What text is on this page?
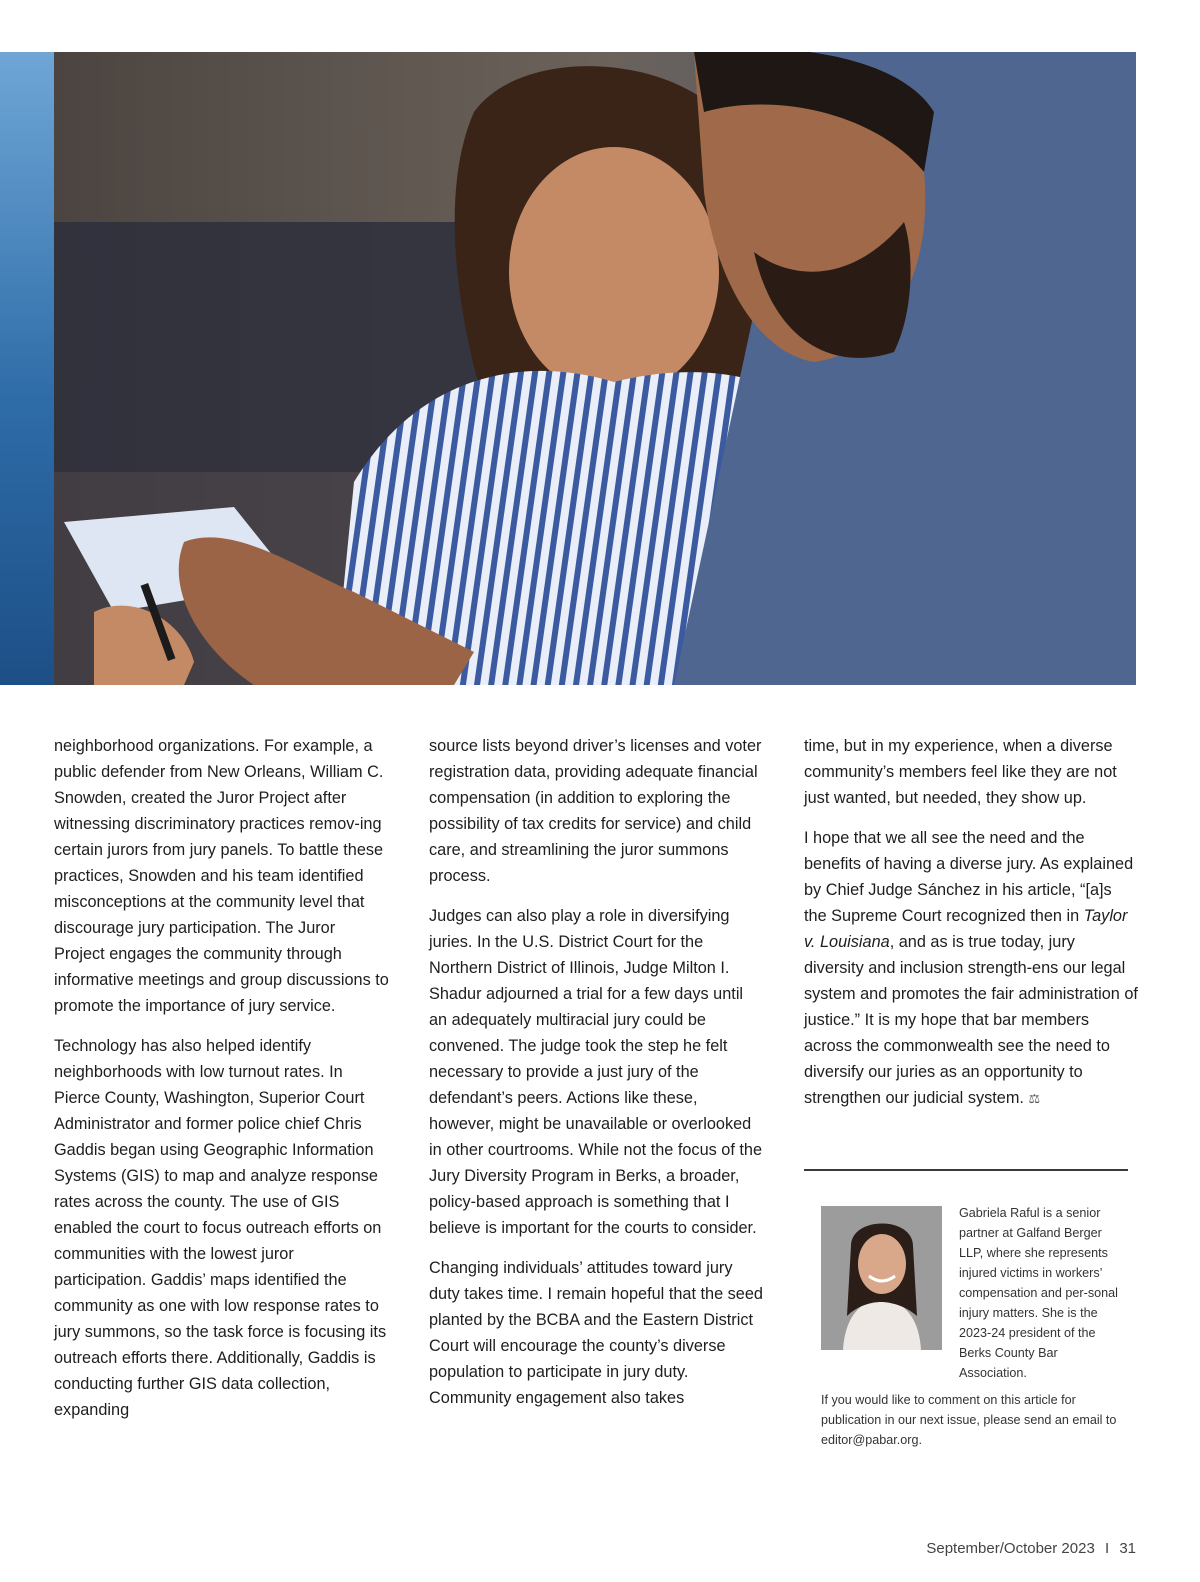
neighborhood organizations. For example, a public defender from New Orleans, William C. Snowden, created the Juror Project after witnessing discriminatory practices remov-ing certain jurors from jury panels. To battle these practices, Snowden and his team identified misconceptions at the community level that discourage jury participation. The Juror Project engages the community through informative meetings and group discussions to promote the importance of jury service.

Technology has also helped identify neighborhoods with low turnout rates. In Pierce County, Washington, Superior Court Administrator and former police chief Chris Gaddis began using Geographic Information Systems (GIS) to map and analyze response rates across the county. The use of GIS enabled the court to focus outreach efforts on communities with the lowest juror participation. Gaddis’ maps identified the community as one with low response rates to jury summons, so the task force is focusing its outreach efforts there. Additionally, Gaddis is conducting further GIS data collection, expanding

source lists beyond driver’s licenses and voter registration data, providing adequate financial compensation (in addition to exploring the possibility of tax credits for service) and child care, and streamlining the juror summons process.

Judges can also play a role in diversifying juries. In the U.S. District Court for the Northern District of Illinois, Judge Milton I. Shadur adjourned a trial for a few days until an adequately multiracial jury could be convened. The judge took the step he felt necessary to provide a just jury of the defendant’s peers. Actions like these, however, might be unavailable or overlooked in other courtrooms. While not the focus of the Jury Diversity Program in Berks, a broader, policy-based approach is something that I believe is important for the courts to consider.

Changing individuals’ attitudes toward jury duty takes time. I remain hopeful that the seed planted by the BCBA and the Eastern District Court will encourage the county’s diverse population to participate in jury duty. Community engagement also takes

time, but in my experience, when a diverse community’s members feel like they are not just wanted, but needed, they show up.

I hope that we all see the need and the benefits of having a diverse jury. As explained by Chief Judge Sánchez in his article, “[a]s the Supreme Court recognized then in Taylor v. Louisiana, and as is true today, jury diversity and inclusion strength-ens our legal system and promotes the fair administration of justice.” It is my hope that bar members across the commonwealth see the need to diversify our juries as an opportunity to strengthen our judicial system. ⚖

Gabriela Raful is a senior partner at Galfand Berger LLP, where she represents injured victims in workers’ compensation and per-sonal injury matters. She is the 2023-24 president of the Berks County Bar Association.
If you would like to comment on this article for publication in our next issue, please send an email to editor@pabar.org.
September/October 2023 I 31
